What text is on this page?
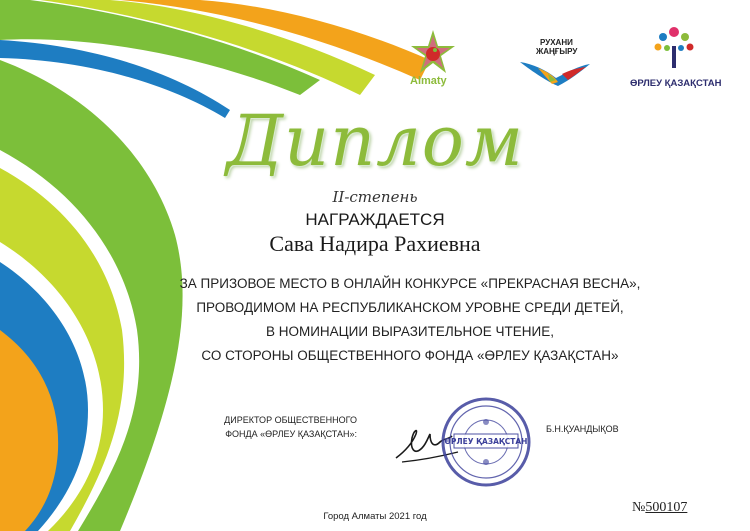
Almaty
РУХАНИ
ЖАҢҒЫРУ
ӨРЛЕУ ҚАЗАҚСТАН
Диплом
II-степень
НАГРАЖДАЕТСЯ
Сава Надира Рахиевна
ЗА ПРИЗОВОЕ МЕСТО В ОНЛАЙН КОНКУРСЕ «ПРЕКРАСНАЯ ВЕСНА»,
ПРОВОДИМОМ НА РЕСПУБЛИКАНСКОМ УРОВНЕ СРЕДИ ДЕТЕЙ,
В НОМИНАЦИИ ВЫРАЗИТЕЛЬНОЕ ЧТЕНИЕ,
СО СТОРОНЫ ОБЩЕСТВЕННОГО ФОНДА «ӨРЛЕУ ҚАЗАҚСТАН»
ДИРЕКТОР ОБЩЕСТВЕННОГО
ФОНДА «ӨРЛЕУ ҚАЗАҚСТАН»:
ӨРЛЕУ ҚАЗАҚСТАН
Б.Н.ҚУАНДЫҚОВ
№500107
Город Алматы 2021 год
